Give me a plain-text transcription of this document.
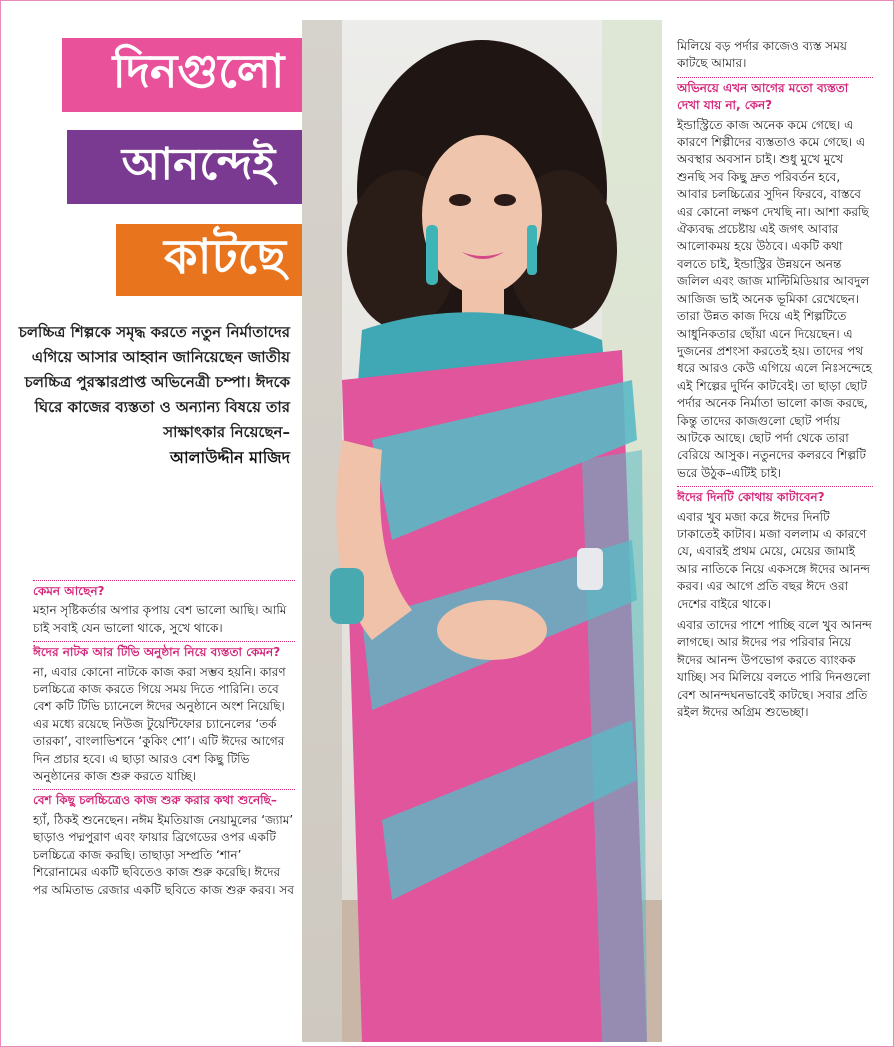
দিনগুলো
আনন্দেই
কাটছে
চলচ্চিত্র শিল্পকে সমৃদ্ধ করতে নতুন নির্মাতাদের এগিয়ে আসার আহ্বান জানিয়েছেন জাতীয় চলচ্চিত্র পুরস্কারপ্রাপ্ত অভিনেত্রী চম্পা। ঈদকে ঘিরে কাজের ব্যস্ততা ও অন্যান্য বিষয়ে তার সাক্ষাৎকার নিয়েছেন–
আলাউদ্দীন মাজিদ
কেমন আছেন?

মহান সৃষ্টিকর্তার অপার কৃপায় বেশ ভালো আছি। আমি চাই সবাই যেন ভালো থাকে, সুখে থাকে।

ঈদের নাটক আর টিভি অনুষ্ঠান নিয়ে ব্যস্ততা কেমন?

না, এবার কোনো নাটকে কাজ করা সম্ভব হয়নি। কারণ চলচ্চিত্রে কাজ করতে গিয়ে সময় দিতে পারিনি। তবে বেশ কটি টিভি চ্যানেলে ঈদের অনুষ্ঠানে অংশ নিয়েছি। এর মধ্যে রয়েছে নিউজ টুয়েন্টিফোর চ্যানেলের ‘তর্ক তারকা’, বাংলাভিশনে ‘কুকিং শো’। এটি ঈদের আগের দিন প্রচার হবে। এ ছাড়া আরও বেশ কিছু টিভি অনুষ্ঠানের কাজ শুরু করতে যাচ্ছি।

বেশ কিছু চলচ্চিত্রেও কাজ শুরু করার কথা শুনেছি–

হ্যাঁ, ঠিকই শুনেছেন। নঈম ইমতিয়াজ নেয়ামুলের ‘জ্যাম’ ছাড়াও পদ্মপুরাণ এবং ফায়ার ব্রিগেডের ওপর একটি চলচ্চিত্রে কাজ করছি। তাছাড়া সম্প্রতি ‘শান’ শিরোনামের একটি ছবিতেও কাজ শুরু করেছি। ঈদের পর অমিতাভ রেজার একটি ছবিতে কাজ শুরু করব। সব

মিলিয়ে বড় পর্দার কাজেও ব্যস্ত সময় কাটছে আমার।

অভিনয়ে এখন আগের মতো ব্যস্ততা দেখা যায় না, কেন?

ইন্ডাস্ট্রিতে কাজ অনেক কমে গেছে। এ কারণে শিল্পীদের ব্যস্ততাও কমে গেছে। এ অবস্থার অবসান চাই। শুধু মুখে মুখে শুনছি সব কিছু দ্রুত পরিবর্তন হবে, আবার চলচ্চিত্রের সুদিন ফিরবে, বাস্তবে এর কোনো লক্ষণ দেখছি না। আশা করছি ঐক্যবদ্ধ প্রচেষ্টায় এই জগৎ আবার আলোকময় হয়ে উঠবে। একটি কথা বলতে চাই, ইন্ডাস্ট্রির উন্নয়নে অনন্ত জলিল এবং জাজ মাল্টিমিডিয়ার আবদুল আজিজ ভাই অনেক ভূমিকা রেখেছেন। তারা উন্নত কাজ দিয়ে এই শিল্পটিতে আধুনিকতার ছোঁয়া এনে দিয়েছেন। এ দুজনের প্রশংসা করতেই হয়। তাদের পথ ধরে আরও কেউ এগিয়ে এলে নিঃসন্দেহে এই শিল্পের দুর্দিন কাটবেই। তা ছাড়া ছোট পর্দার অনেক নির্মাতা ভালো কাজ করছে, কিন্তু তাদের কাজগুলো ছোট পর্দায় আটকে আছে। ছোট পর্দা থেকে তারা বেরিয়ে আসুক। নতুনদের কলরবে শিল্পটি ভরে উঠুক–এটিই চাই।

ঈদের দিনটি কোথায় কাটাবেন?

এবার খুব মজা করে ঈদের দিনটি ঢাকাতেই কাটাব। মজা বললাম এ কারণে যে, এবারই প্রথম মেয়ে, মেয়ের জামাই আর নাতিকে নিয়ে একসঙ্গে ঈদের আনন্দ করব। এর আগে প্রতি বছর ঈদে ওরা দেশের বাইরে থাকে।

এবার তাদের পাশে পাচ্ছি বলে খুব আনন্দ লাগছে। আর ঈদের পর পরিবার নিয়ে ঈদের আনন্দ উপভোগ করতে ব্যাংকক যাচ্ছি। সব মিলিয়ে বলতে পারি দিনগুলো বেশ আনন্দঘনভাবেই কাটছে। সবার প্রতি রইল ঈদের অগ্রিম শুভেচ্ছা।
